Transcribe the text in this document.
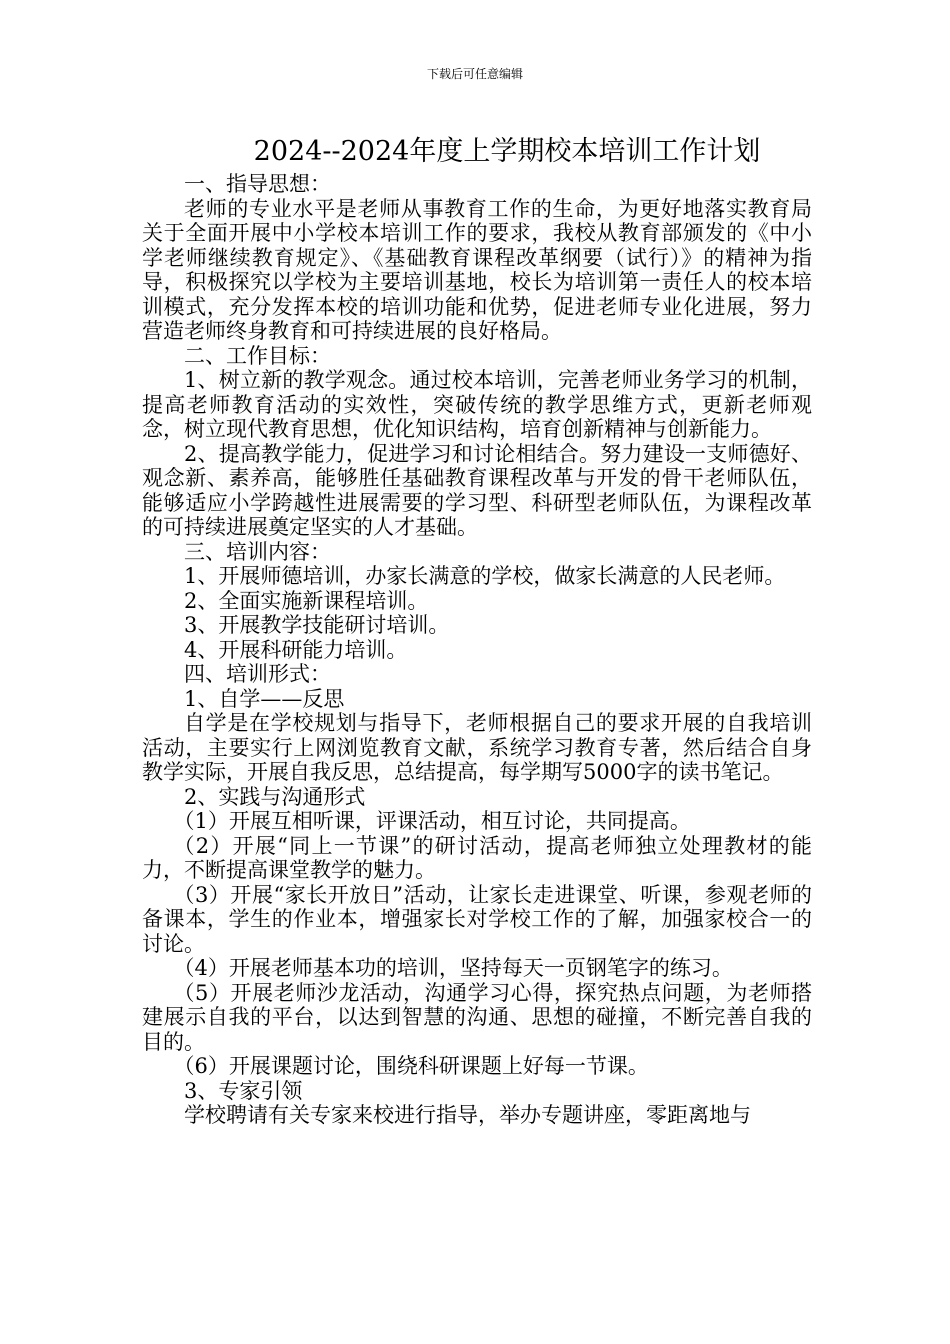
下载后可任意编辑
2024--2024年度上学期校本培训工作计划

一、指导思想：

老师的专业水平是老师从事教育工作的生命，为更好地落实教育局关于全面开展中小学校本培训工作的要求，我校从教育部颁发的《中小学老师继续教育规定》、《基础教育课程改革纲要（试行）》的精神为指导，积极探究以学校为主要培训基地，校长为培训第一责任人的校本培训模式，充分发挥本校的培训功能和优势，促进老师专业化进展，努力营造老师终身教育和可持续进展的良好格局。

二、工作目标：

1、树立新的教学观念。通过校本培训，完善老师业务学习的机制，提高老师教育活动的实效性，突破传统的教学思维方式，更新老师观念，树立现代教育思想，优化知识结构，培育创新精神与创新能力。

2、提高教学能力，促进学习和讨论相结合。努力建设一支师德好、观念新、素养高，能够胜任基础教育课程改革与开发的骨干老师队伍，能够适应小学跨越性进展需要的学习型、科研型老师队伍，为课程改革的可持续进展奠定坚实的人才基础。

三、培训内容：

1、开展师德培训，办家长满意的学校，做家长满意的人民老师。

2、全面实施新课程培训。

3、开展教学技能研讨培训。

4、开展科研能力培训。

四、培训形式：

1、自学——反思

自学是在学校规划与指导下，老师根据自己的要求开展的自我培训活动，主要实行上网浏览教育文献，系统学习教育专著，然后结合自身教学实际，开展自我反思，总结提高，每学期写5000字的读书笔记。

2、实践与沟通形式

（1）开展互相听课，评课活动，相互讨论，共同提高。

（2）开展“同上一节课”的研讨活动，提高老师独立处理教材的能力，不断提高课堂教学的魅力。

（3）开展“家长开放日”活动，让家长走进课堂、听课，参观老师的备课本，学生的作业本，增强家长对学校工作的了解，加强家校合一的讨论。

（4）开展老师基本功的培训，坚持每天一页钢笔字的练习。

（5）开展老师沙龙活动，沟通学习心得，探究热点问题，为老师搭建展示自我的平台，以达到智慧的沟通、思想的碰撞，不断完善自我的目的。

（6）开展课题讨论，围绕科研课题上好每一节课。

3、专家引领

学校聘请有关专家来校进行指导，举办专题讲座，零距离地与
